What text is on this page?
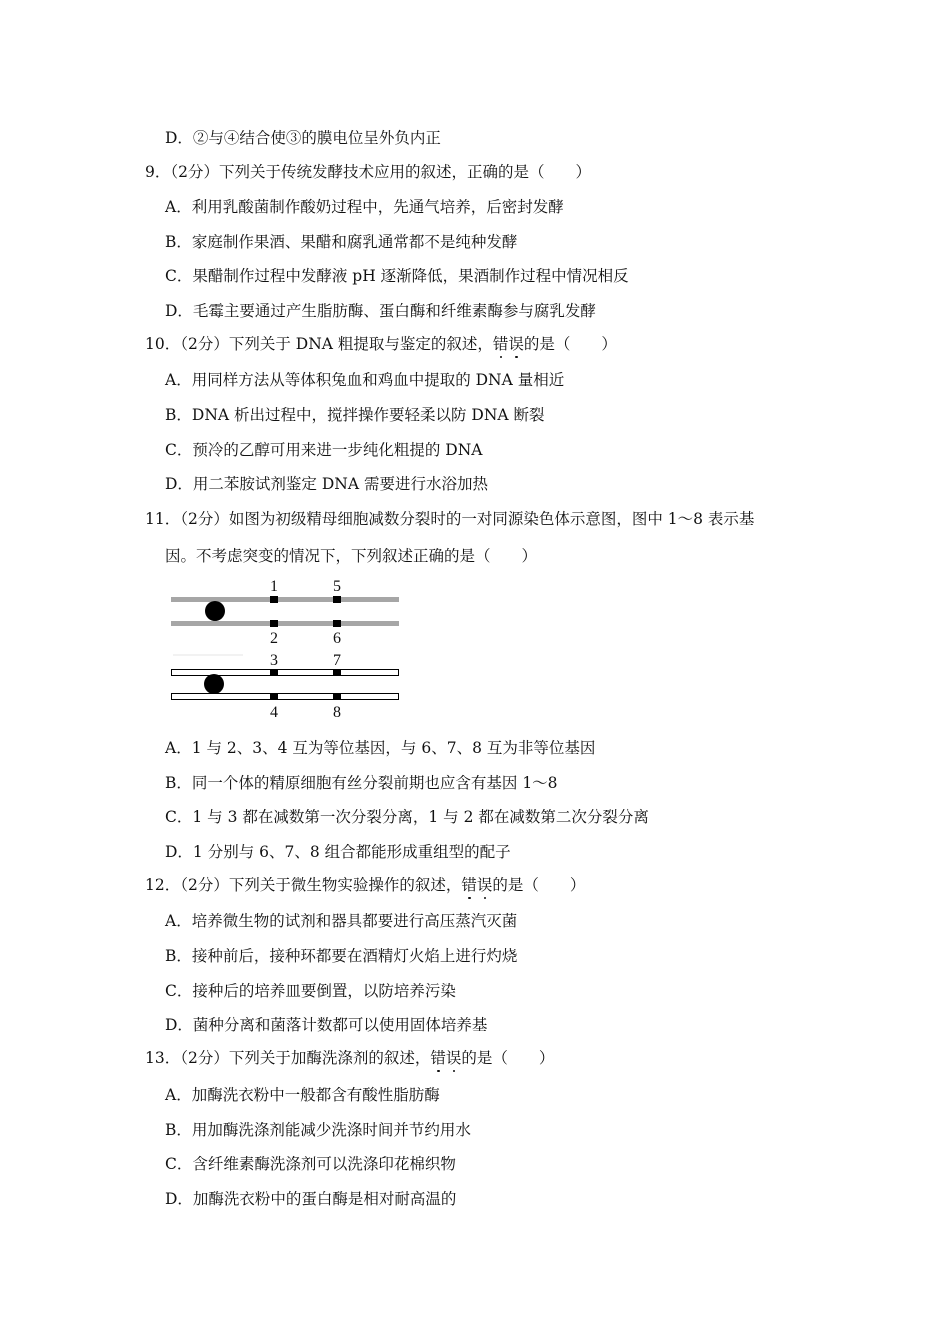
D．②与④结合使③的膜电位呈外负内正
9．（2分）下列关于传统发酵技术应用的叙述，正确的是（　　）
A．利用乳酸菌制作酸奶过程中，先通气培养，后密封发酵
B．家庭制作果酒、果醋和腐乳通常都不是纯种发酵
C．果醋制作过程中发酵液 pH 逐渐降低，果酒制作过程中情况相反
D．毛霉主要通过产生脂肪酶、蛋白酶和纤维素酶参与腐乳发酵
10．（2分）下列关于 DNA 粗提取与鉴定的叙述，错误的是（　　）
A．用同样方法从等体积兔血和鸡血中提取的 DNA 量相近
B．DNA 析出过程中，搅拌操作要轻柔以防 DNA 断裂
C．预冷的乙醇可用来进一步纯化粗提的 DNA
D．用二苯胺试剂鉴定 DNA 需要进行水浴加热
11．（2分）如图为初级精母细胞减数分裂时的一对同源染色体示意图，图中 1～8 表示基
因。不考虑突变的情况下，下列叙述正确的是（　　）
1	5
2	6
3	7
4	8
A．1 与 2、3、4 互为等位基因，与 6、7、8 互为非等位基因
B．同一个体的精原细胞有丝分裂前期也应含有基因 1～8
C．1 与 3 都在减数第一次分裂分离，1 与 2 都在减数第二次分裂分离
D．1 分别与 6、7、8 组合都能形成重组型的配子
12．（2分）下列关于微生物实验操作的叙述，错误的是（　　）
A．培养微生物的试剂和器具都要进行高压蒸汽灭菌
B．接种前后，接种环都要在酒精灯火焰上进行灼烧
C．接种后的培养皿要倒置，以防培养污染
D．菌种分离和菌落计数都可以使用固体培养基
13．（2分）下列关于加酶洗涤剂的叙述，错误的是（　　）
A．加酶洗衣粉中一般都含有酸性脂肪酶
B．用加酶洗涤剂能减少洗涤时间并节约用水
C．含纤维素酶洗涤剂可以洗涤印花棉织物
D．加酶洗衣粉中的蛋白酶是相对耐高温的
